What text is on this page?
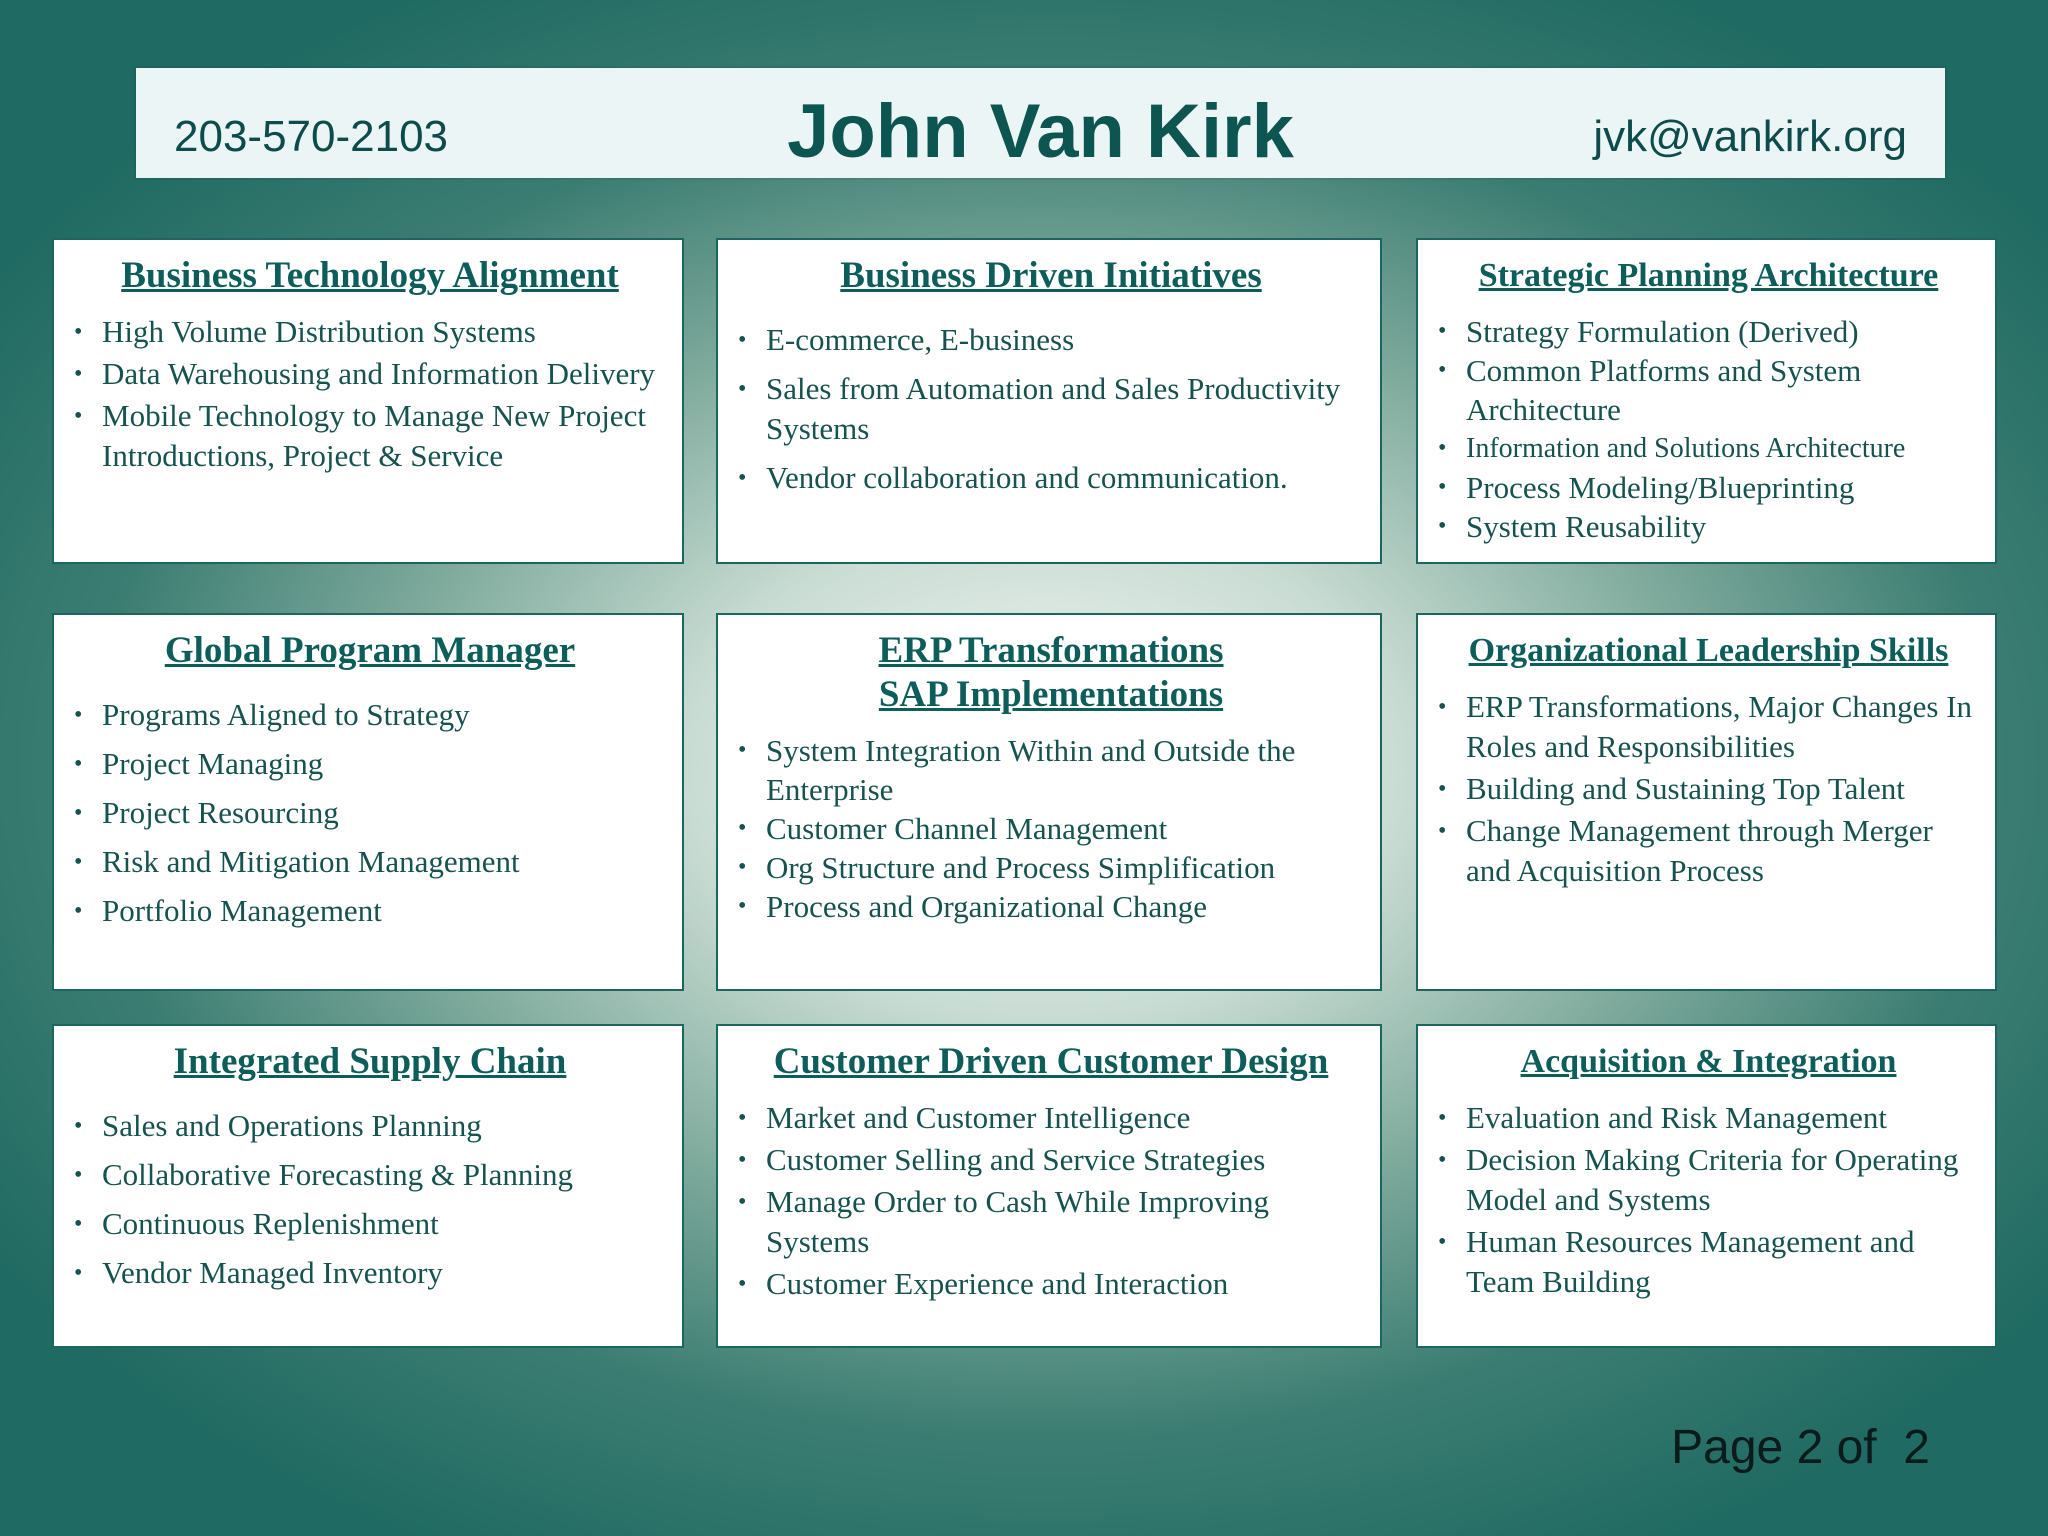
203-570-2103	John Van Kirk	jvk@vankirk.org
Business Technology Alignment
• High Volume Distribution Systems
• Data Warehousing and Information Delivery
• Mobile Technology to Manage New Project Introductions, Project & Service
Business Driven Initiatives
• E-commerce, E-business
• Sales from Automation and Sales Productivity Systems
• Vendor collaboration and communication.
Strategic Planning Architecture
• Strategy Formulation (Derived)
• Common Platforms and System Architecture
• Information and Solutions Architecture
• Process Modeling/Blueprinting
• System Reusability
Global Program Manager
• Programs Aligned to Strategy
• Project Managing
• Project Resourcing
• Risk and Mitigation Management
• Portfolio Management
ERP Transformations
SAP Implementations
• System Integration Within and Outside the Enterprise
• Customer Channel Management
• Org Structure and Process Simplification
• Process and Organizational Change
Organizational Leadership Skills
• ERP Transformations, Major Changes In Roles and Responsibilities
• Building and Sustaining Top Talent
• Change Management through Merger and Acquisition Process
Integrated Supply Chain
• Sales and Operations Planning
• Collaborative Forecasting & Planning
• Continuous Replenishment
• Vendor Managed Inventory
Customer Driven Customer Design
• Market and Customer Intelligence
• Customer Selling and Service Strategies
• Manage Order to Cash While Improving Systems
• Customer Experience and Interaction
Acquisition & Integration
• Evaluation and Risk Management
• Decision Making Criteria for Operating Model and Systems
• Human Resources Management and Team Building
Page 2 of  2
